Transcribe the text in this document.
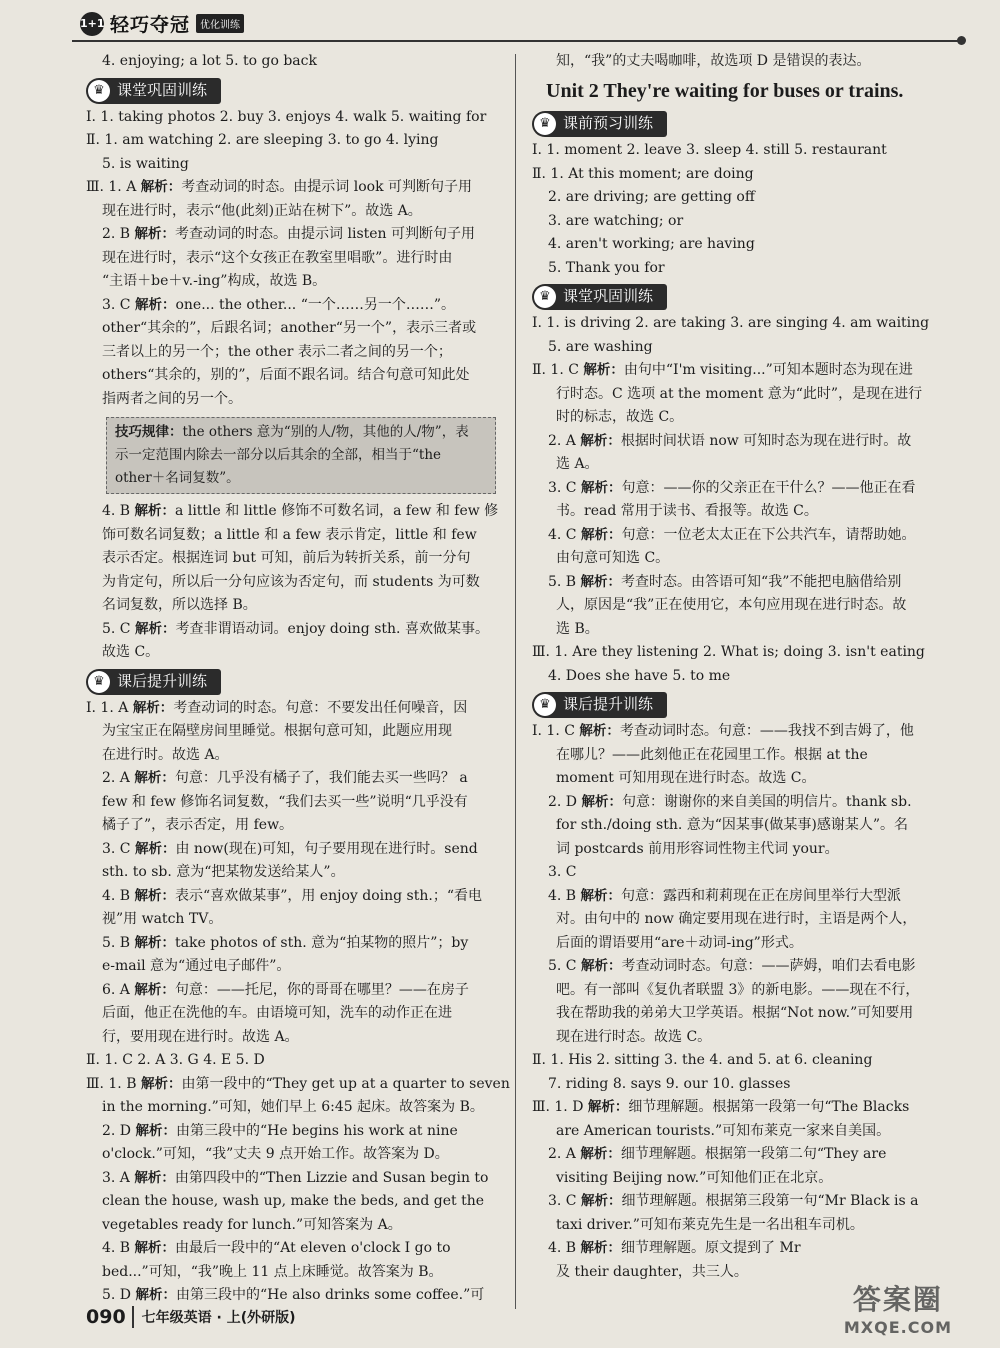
1+1 轻巧夺冠	优化训练
4. enjoying; a lot 5. to go back
♛ 课堂巩固训练
Ⅰ. 1. taking photos 2. buy 3. enjoys 4. walk 5. waiting for
Ⅱ. 1. am watching 2. are sleeping 3. to go 4. lying
5. is waiting
Ⅲ. 1. A 解析：考查动词的时态。由提示词 look 可判断句子用
现在进行时，表示“他(此刻)正站在树下”。故选 A。
2. B 解析：考查动词的时态。由提示词 listen 可判断句子用
现在进行时，表示“这个女孩正在教室里唱歌”。进行时由
“主语＋be＋v.-ing”构成，故选 B。
3. C 解析：one... the other... “一个……另一个……”。
other“其余的”，后跟名词；another“另一个”，表示三者或
三者以上的另一个；the other 表示二者之间的另一个；
others“其余的，别的”，后面不跟名词。结合句意可知此处
指两者之间的另一个。
技巧规律：the others 意为“别的人/物，其他的人/物”，表
示一定范围内除去一部分以后其余的全部，相当于“the
other＋名词复数”。
4. B 解析：a little 和 little 修饰不可数名词，a few 和 few 修
饰可数名词复数；a little 和 a few 表示肯定，little 和 few
表示否定。根据连词 but 可知，前后为转折关系，前一分句
为肯定句，所以后一分句应该为否定句，而 students 为可数
名词复数，所以选择 B。
5. C 解析：考查非谓语动词。enjoy doing sth. 喜欢做某事。
故选 C。
♛ 课后提升训练
Ⅰ. 1. A 解析：考查动词的时态。句意：不要发出任何噪音，因
为宝宝正在隔壁房间里睡觉。根据句意可知，此题应用现
在进行时。故选 A。
2. A 解析：句意：几乎没有橘子了，我们能去买一些吗？ a
few 和 few 修饰名词复数，“我们去买一些”说明“几乎没有
橘子了”，表示否定，用 few。
3. C 解析：由 now(现在)可知，句子要用现在进行时。send
sth. to sb. 意为“把某物发送给某人”。
4. B 解析：表示“喜欢做某事”，用 enjoy doing sth.；“看电
视”用 watch TV。
5. B 解析：take photos of sth. 意为“拍某物的照片”；by
e-mail 意为“通过电子邮件”。
6. A 解析：句意：——托尼，你的哥哥在哪里？——在房子
后面，他正在洗他的车。由语境可知，洗车的动作正在进
行，要用现在进行时。故选 A。
Ⅱ. 1. C 2. A 3. G 4. E 5. D
Ⅲ. 1. B 解析：由第一段中的“They get up at a quarter to seven
in the morning.”可知，她们早上 6:45 起床。故答案为 B。
2. D 解析：由第三段中的“He begins his work at nine
o'clock.”可知，“我”丈夫 9 点开始工作。故答案为 D。
3. A 解析：由第四段中的“Then Lizzie and Susan begin to
clean the house, wash up, make the beds, and get the
vegetables ready for lunch.”可知答案为 A。
4. B 解析：由最后一段中的“At eleven o'clock I go to
bed...”可知，“我”晚上 11 点上床睡觉。故答案为 B。
5. D 解析：由第三段中的“He also drinks some coffee.”可
知，“我”的丈夫喝咖啡，故选项 D 是错误的表达。
Unit 2 They're waiting for buses or trains.
♛ 课前预习训练
Ⅰ. 1. moment 2. leave 3. sleep 4. still 5. restaurant
Ⅱ. 1. At this moment; are doing
2. are driving; are getting off
3. are watching; or
4. aren't working; are having
5. Thank you for
♛ 课堂巩固训练
Ⅰ. 1. is driving 2. are taking 3. are singing 4. am waiting
5. are washing
Ⅱ. 1. C 解析：由句中“I'm visiting...”可知本题时态为现在进
行时态。C 选项 at the moment 意为“此时”，是现在进行
时的标志，故选 C。
2. A 解析：根据时间状语 now 可知时态为现在进行时。故
选 A。
3. C 解析：句意：——你的父亲正在干什么？——他正在看
书。read 常用于读书、看报等。故选 C。
4. C 解析：句意：一位老太太正在下公共汽车，请帮助她。
由句意可知选 C。
5. B 解析：考查时态。由答语可知“我”不能把电脑借给别
人，原因是“我”正在使用它，本句应用现在进行时态。故
选 B。
Ⅲ. 1. Are they listening 2. What is; doing 3. isn't eating
4. Does she have 5. to me
♛ 课后提升训练
Ⅰ. 1. C 解析：考查动词时态。句意：——我找不到吉姆了，他
在哪儿？——此刻他正在花园里工作。根据 at the
moment 可知用现在进行时态。故选 C。
2. D 解析：句意：谢谢你的来自美国的明信片。thank sb.
for sth./doing sth. 意为“因某事(做某事)感谢某人”。名
词 postcards 前用形容词性物主代词 your。
3. C
4. B 解析：句意：露西和莉莉现在正在房间里举行大型派
对。由句中的 now 确定要用现在进行时，主语是两个人，
后面的谓语要用“are＋动词-ing”形式。
5. C 解析：考查动词时态。句意：——萨姆，咱们去看电影
吧。有一部叫《复仇者联盟 3》的新电影。——现在不行，
我在帮助我的弟弟大卫学英语。根据“Not now.”可知要用
现在进行时态。故选 C。
Ⅱ. 1. His 2. sitting 3. the 4. and 5. at 6. cleaning
7. riding 8. says 9. our 10. glasses
Ⅲ. 1. D 解析：细节理解题。根据第一段第一句“The Blacks
are American tourists.”可知布莱克一家来自美国。
2. A 解析：细节理解题。根据第一段第二句“They are
visiting Beijing now.”可知他们正在北京。
3. C 解析：细节理解题。根据第三段第一句“Mr Black is a
taxi driver.”可知布莱克先生是一名出租车司机。
4. B 解析：细节理解题。原文提到了 Mr
及 their daughter，共三人。
090	七年级英语 · 上(外研版)
答案圈
MXQE.COM
